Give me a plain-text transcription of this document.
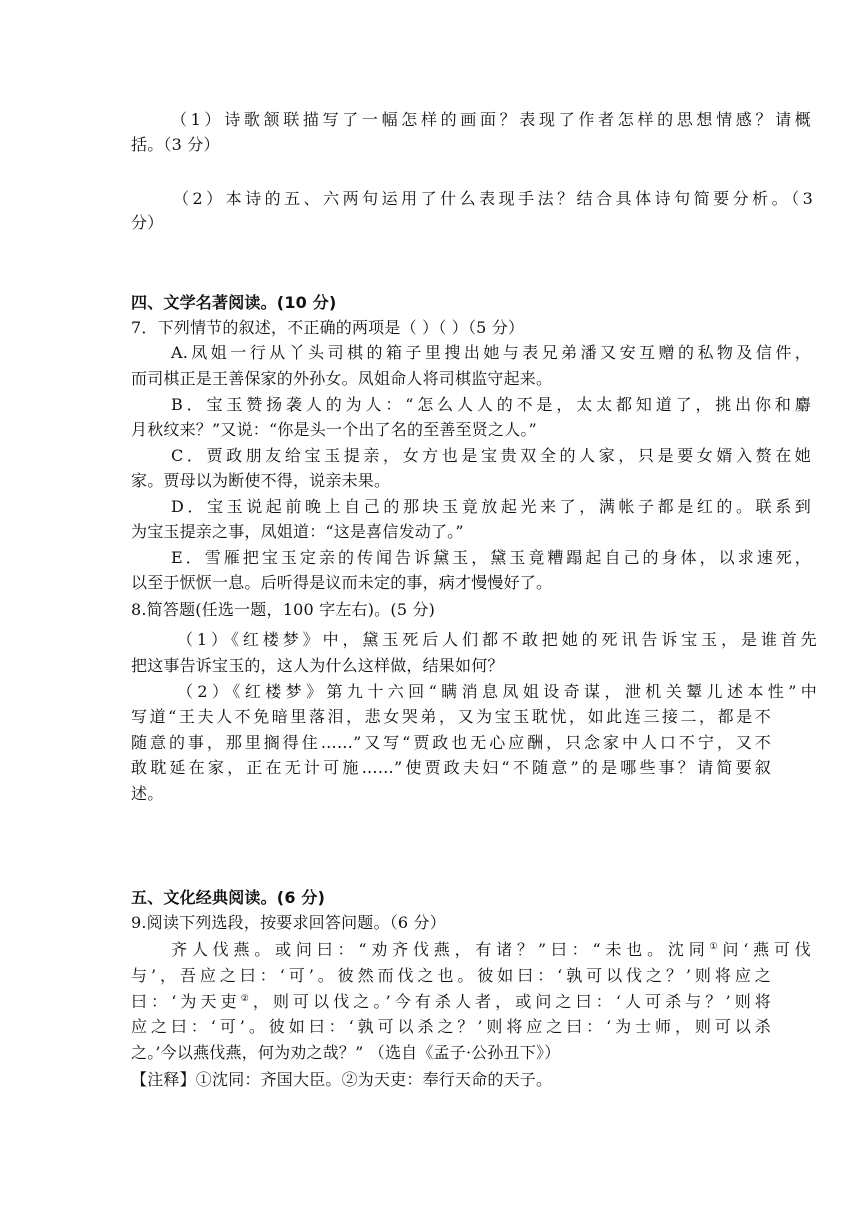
（1）诗歌颔联描写了一幅怎样的画面？表现了作者怎样的思想情感？请概
括。（3 分）
（2）本诗的五、六两句运用了什么表现手法？结合具体诗句简要分析。（3
分）
四、文学名著阅读。(10 分)
7．下列情节的叙述，不正确的两项是（ ）（ ）（5 分）
A.凤姐一行从丫头司棋的箱子里搜出她与表兄弟潘又安互赠的私物及信件，
而司棋正是王善保家的外孙女。凤姐命人将司棋监守起来。
B．宝玉赞扬袭人的为人：“怎么人人的不是，太太都知道了，挑出你和麝
月秋纹来？”又说：“你是头一个出了名的至善至贤之人。”
C．贾政朋友给宝玉提亲，女方也是宝贵双全的人家，只是要女婿入赘在她
家。贾母以为断使不得，说亲未果。
D．宝玉说起前晚上自己的那块玉竟放起光来了，满帐子都是红的。联系到
为宝玉提亲之事，凤姐道：“这是喜信发动了。”
E．雪雁把宝玉定亲的传闻告诉黛玉，黛玉竟糟蹋起自己的身体，以求速死，
以至于恹恹一息。后听得是议而未定的事，病才慢慢好了。
8.简答题(任选一题，100 字左右)。(5 分)
（1）《红楼梦》中，黛玉死后人们都不敢把她的死讯告诉宝玉，是谁首先
把这事告诉宝玉的，这人为什么这样做，结果如何？
（2）《红楼梦》第九十六回“瞒消息凤姐设奇谋，泄机关颦儿述本性”中
写道“王夫人不免暗里落泪，悲女哭弟，又为宝玉耽忧，如此连三接二，都是不
随意的事，那里搁得住……”又写“贾政也无心应酬，只念家中人口不宁，又不
敢耽延在家，正在无计可施……”使贾政夫妇“不随意”的是哪些事？请简要叙
述。
五、文化经典阅读。(6 分)
9.阅读下列选段，按要求回答问题。（6 分）
齐人伐燕。或问曰：“劝齐伐燕，有诸？”曰：“未也。沈同①问‘燕可伐
与’，吾应之曰：‘可’。彼然而伐之也。彼如曰：‘孰可以伐之？’则将应之
曰：‘为天吏②，则可以伐之。’今有杀人者，或问之曰：‘人可杀与？’则将
应之曰：‘可’。彼如曰：‘孰可以杀之？’则将应之曰：‘为士师，则可以杀
之。’今以燕伐燕，何为劝之哉？” （选自《孟子·公孙丑下》）
【注释】①沈同：齐国大臣。②为天吏：奉行天命的天子。
